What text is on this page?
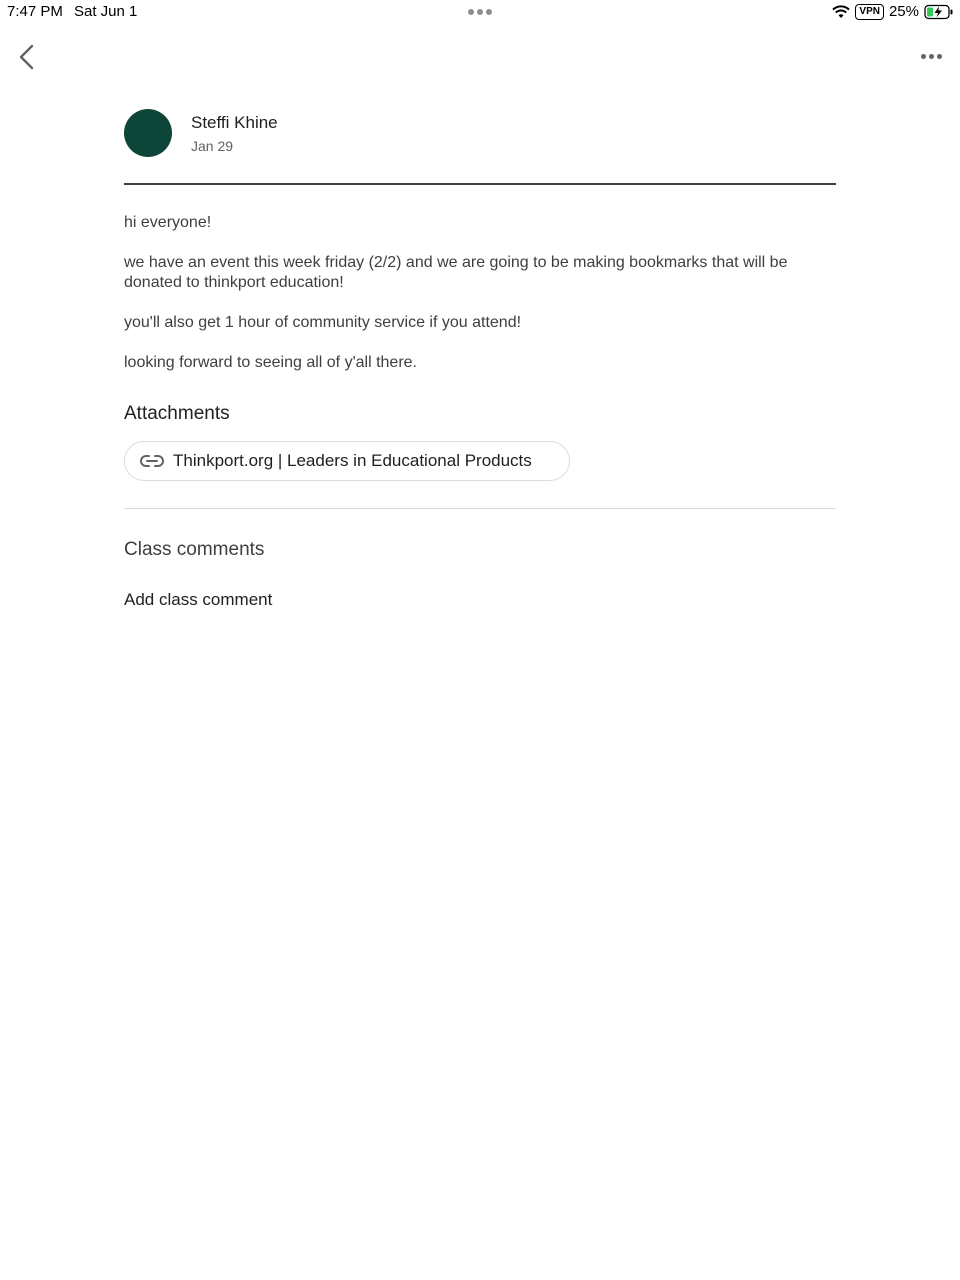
7:47 PM Sat Jun 1	VPN 25%
Steffi Khine
Jan 29

hi everyone!

we have an event this week friday (2/2) and we are going to be making bookmarks that will be donated to thinkport education!

you'll also get 1 hour of community service if you attend!

looking forward to seeing all of y'all there.

Attachments
Thinkport.org | Leaders in Educational Products
Class comments
Add class comment
